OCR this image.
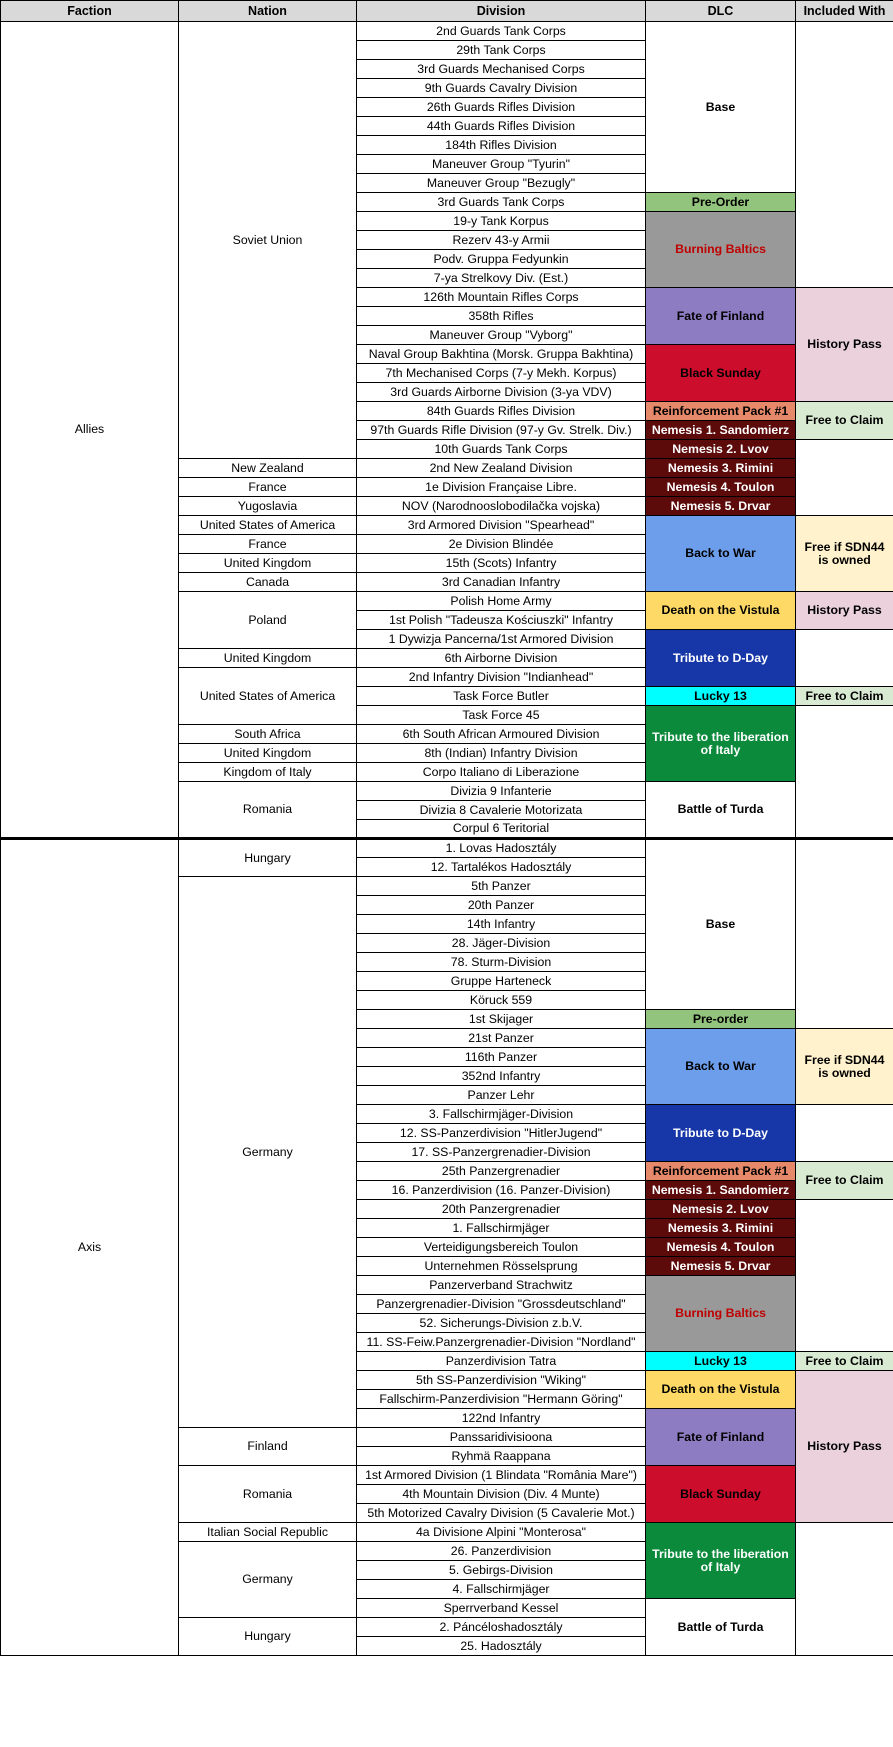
Faction	Nation	Division	DLC	Included With
Allies	Soviet Union	2nd Guards Tank Corps	Base	
		29th Tank Corps		
		3rd Guards Mechanised Corps		
		9th Guards Cavalry Division		
		26th Guards Rifles Division		
		44th Guards Rifles Division		
		184th Rifles Division		
		Maneuver Group "Tyurin"		
		Maneuver Group "Bezugly"		
		3rd Guards Tank Corps	Pre-Order	
		19-y Tank Korpus	Burning Baltics	
		Rezerv 43-y Armii		
		Podv. Gruppa Fedyunkin		
		7-ya Strelkovy Div. (Est.)		
		126th Mountain Rifles Corps	Fate of Finland	History Pass
		358th Rifles		
		Maneuver Group "Vyborg"		
		Naval Group Bakhtina (Morsk. Gruppa Bakhtina)	Black Sunday	
		7th Mechanised Corps (7-y Mekh. Korpus)		
		3rd Guards Airborne Division (3-ya VDV)		
		84th Guards Rifles Division	Reinforcement Pack #1	Free to Claim
		97th Guards Rifle Division (97-y Gv. Strelk. Div.)	Nemesis 1. Sandomierz	
		10th Guards Tank Corps	Nemesis 2. Lvov	
	New Zealand	2nd New Zealand Division	Nemesis 3. Rimini	
	France	1e Division Française Libre.	Nemesis 4. Toulon	
	Yugoslavia	NOV (Narodnooslobodilačka vojska)	Nemesis 5. Drvar	
	United States of America	3rd Armored Division "Spearhead"	Back to War	Free if SDN44 is owned
	France	2e Division Blindée		
	United Kingdom	15th (Scots) Infantry		
	Canada	3rd Canadian Infantry		
	Poland	Polish Home Army	Death on the Vistula	History Pass
		1st Polish "Tadeusza Kościuszki" Infantry		
		1 Dywizja Pancerna/1st Armored Division	Tribute to D-Day	
	United Kingdom	6th Airborne Division		
	United States of America	2nd Infantry Division "Indianhead"		
		Task Force Butler	Lucky 13	Free to Claim
		Task Force 45	Tribute to the liberation of Italy	
	South Africa	6th South African Armoured Division		
	United Kingdom	8th (Indian) Infantry Division		
	Kingdom of Italy	Corpo Italiano di Liberazione		
	Romania	Divizia 9 Infanterie	Battle of Turda	
		Divizia 8 Cavalerie Motorizata		
		Corpul 6 Teritorial		
Axis	Hungary	1. Lovas Hadosztály	Base	
		12. Tartalékos Hadosztály		
	Germany	5th Panzer		
		20th Panzer		
		14th Infantry		
		28. Jäger-Division		
		78. Sturm-Division		
		Gruppe Harteneck		
		Köruck 559		
		1st Skijager	Pre-order	
		21st Panzer	Back to War	Free if SDN44 is owned
		116th Panzer		
		352nd Infantry		
		Panzer Lehr		
		3. Fallschirmjäger-Division	Tribute to D-Day	
		12. SS-Panzerdivision "HitlerJugend"		
		17. SS-Panzergrenadier-Division		
		25th Panzergrenadier	Reinforcement Pack #1	Free to Claim
		16. Panzerdivision (16. Panzer-Division)	Nemesis 1. Sandomierz	
		20th Panzergrenadier	Nemesis 2. Lvov	
		1. Fallschirmjäger	Nemesis 3. Rimini	
		Verteidigungsbereich Toulon	Nemesis 4. Toulon	
		Unternehmen Rösselsprung	Nemesis 5. Drvar	
		Panzerverband Strachwitz	Burning Baltics	
		Panzergrenadier-Division "Grossdeutschland"		
		52. Sicherungs-Division z.b.V.		
		11. SS-Feiw.Panzergrenadier-Division "Nordland"		
		Panzerdivision Tatra	Lucky 13	Free to Claim
		5th SS-Panzerdivision "Wiking"	Death on the Vistula	History Pass
		Fallschirm-Panzerdivision "Hermann Göring"		
		122nd Infantry	Fate of Finland	
	Finland	Panssaridivisioona		
		Ryhmä Raappana		
	Romania	1st Armored Division (1 Blindata "România Mare")	Black Sunday	
		4th Mountain Division (Div. 4 Munte)		
		5th Motorized Cavalry Division (5 Cavalerie Mot.)		
	Italian Social Republic	4a Divisione Alpini "Monterosa"	Tribute to the liberation of Italy	
	Germany	26. Panzerdivision		
		5. Gebirgs-Division		
		4. Fallschirmjäger		
		Sperrverband Kessel	Battle of Turda	
	Hungary	2. Páncéloshadosztály		
		25. Hadosztály		
